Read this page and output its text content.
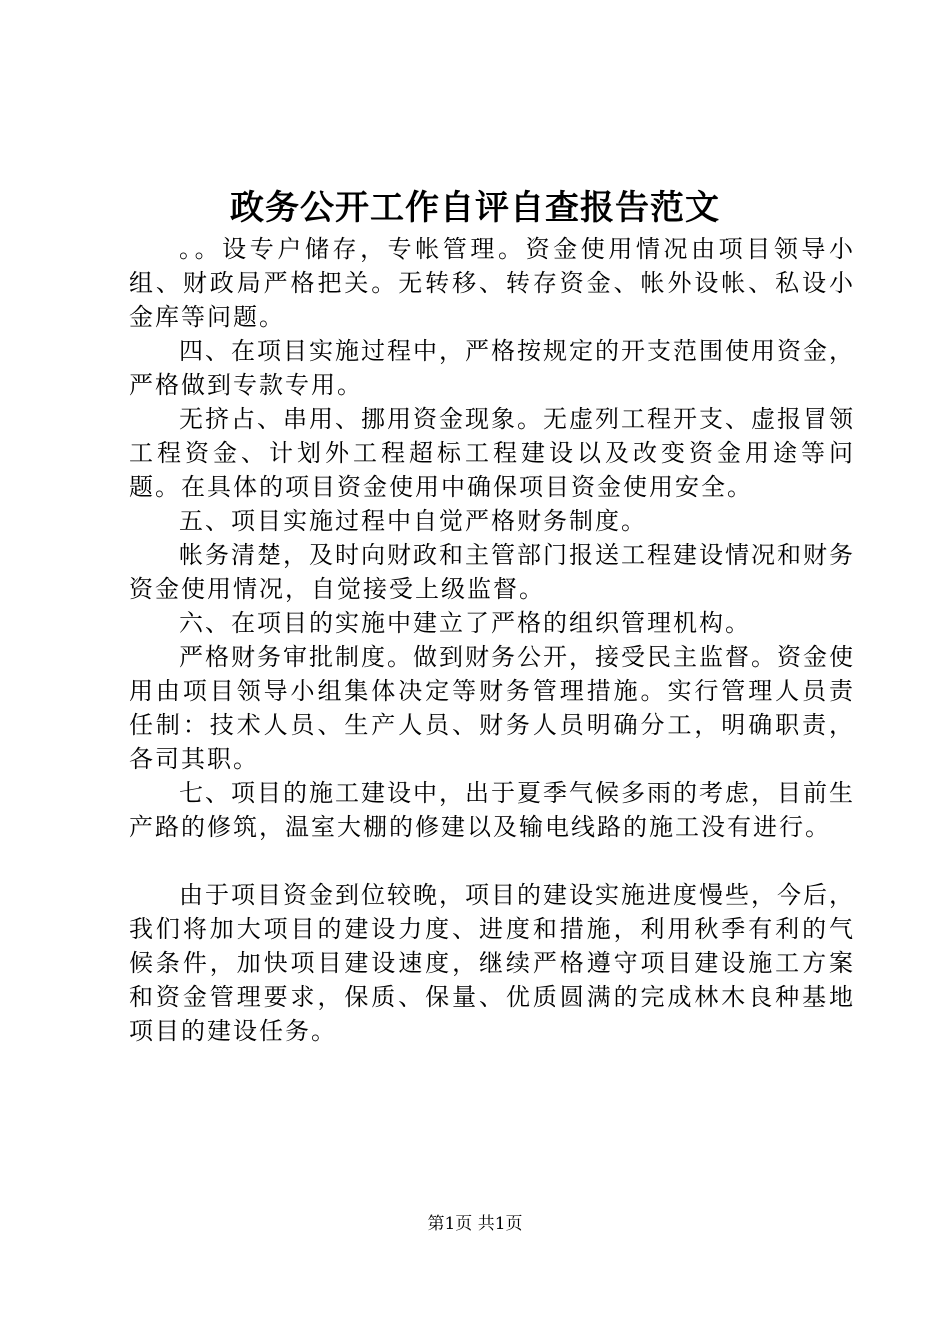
政务公开工作自评自查报告范文

。。设专户储存，专帐管理。资金使用情况由项目领导小组、财政局严格把关。无转移、转存资金、帐外设帐、私设小金库等问题。

四、在项目实施过程中，严格按规定的开支范围使用资金，严格做到专款专用。

无挤占、串用、挪用资金现象。无虚列工程开支、虚报冒领工程资金、计划外工程超标工程建设以及改变资金用途等问题。在具体的项目资金使用中确保项目资金使用安全。

五、项目实施过程中自觉严格财务制度。

帐务清楚，及时向财政和主管部门报送工程建设情况和财务资金使用情况，自觉接受上级监督。

六、在项目的实施中建立了严格的组织管理机构。

严格财务审批制度。做到财务公开，接受民主监督。资金使用由项目领导小组集体决定等财务管理措施。实行管理人员责任制：技术人员、生产人员、财务人员明确分工，明确职责，各司其职。

七、项目的施工建设中，出于夏季气候多雨的考虑，目前生产路的修筑，温室大棚的修建以及输电线路的施工没有进行。

由于项目资金到位较晚，项目的建设实施进度慢些，今后，我们将加大项目的建设力度、进度和措施，利用秋季有利的气候条件，加快项目建设速度，继续严格遵守项目建设施工方案和资金管理要求，保质、保量、优质圆满的完成林木良种基地项目的建设任务。

第1页 共1页
